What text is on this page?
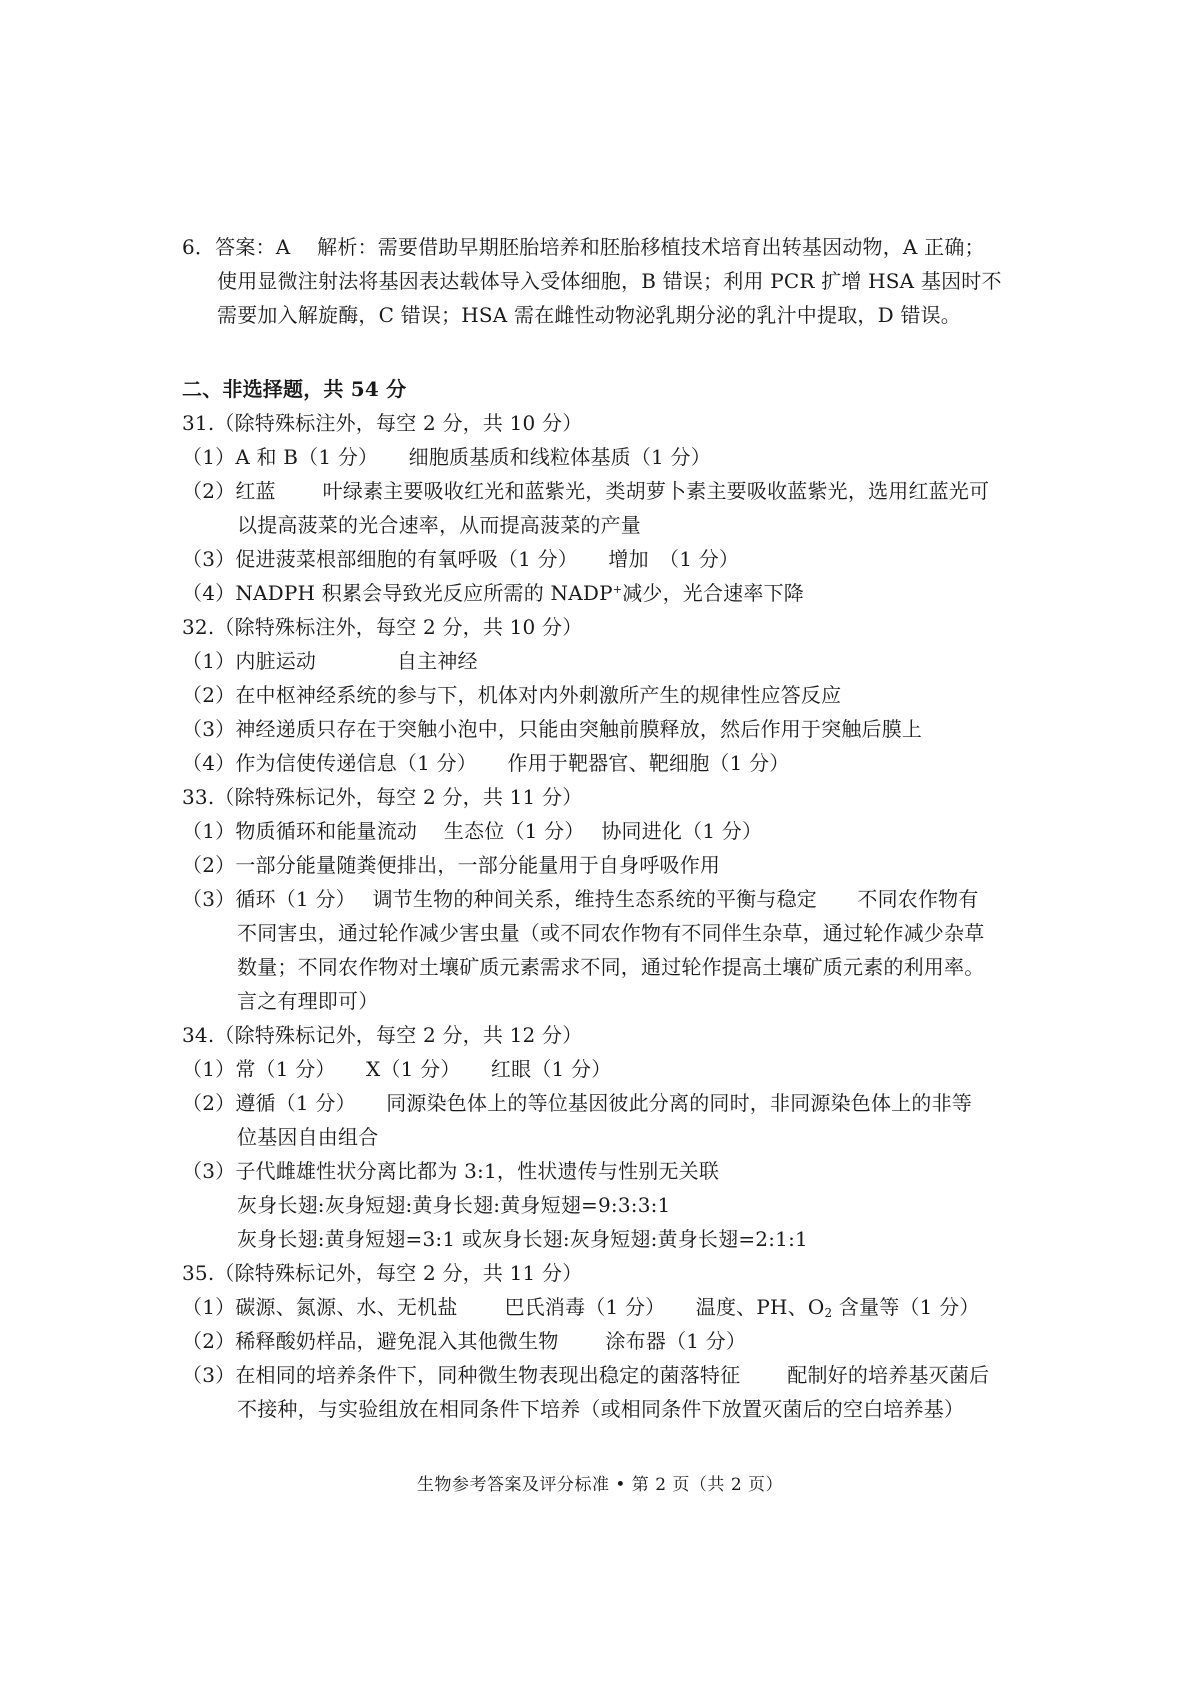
6．答案：A　 解析：需要借助早期胚胎培养和胚胎移植技术培育出转基因动物，A 正确；
使用显微注射法将基因表达载体导入受体细胞，B 错误；利用 PCR 扩增 HSA 基因时不
需要加入解旋酶，C 错误；HSA 需在雌性动物泌乳期分泌的乳汁中提取，D 错误。
二、非选择题，共 54 分
31.（除特殊标注外，每空 2 分，共 10 分）
（1）A 和 B（1 分）　　细胞质基质和线粒体基质（1 分）
（2）红蓝　　 叶绿素主要吸收红光和蓝紫光，类胡萝卜素主要吸收蓝紫光，选用红蓝光可
以提高菠菜的光合速率，从而提高菠菜的产量
（3）促进菠菜根部细胞的有氧呼吸（1 分）　　增加　（1 分）
（4）NADPH 积累会导致光反应所需的 NADP+减少，光合速率下降
32.（除特殊标注外，每空 2 分，共 10 分）
（1）内脏运动　　　　自主神经
（2）在中枢神经系统的参与下，机体对内外刺激所产生的规律性应答反应
（3）神经递质只存在于突触小泡中，只能由突触前膜释放，然后作用于突触后膜上
（4）作为信使传递信息（1 分）　　作用于靶器官、靶细胞（1 分）
33.（除特殊标记外，每空 2 分，共 11 分）
（1）物质循环和能量流动　 生态位（1 分）　 协同进化（1 分）
（2）一部分能量随粪便排出，一部分能量用于自身呼吸作用
（3）循环（1 分）　 调节生物的种间关系，维持生态系统的平衡与稳定　　不同农作物有
不同害虫，通过轮作减少害虫量（或不同农作物有不同伴生杂草，通过轮作减少杂草
数量；不同农作物对土壤矿质元素需求不同，通过轮作提高土壤矿质元素的利用率。
言之有理即可）
34.（除特殊标记外，每空 2 分，共 12 分）
（1）常（1 分）　　X（1 分）　　红眼（1 分）
（2）遵循（1 分）　　同源染色体上的等位基因彼此分离的同时，非同源染色体上的非等
位基因自由组合
（3）子代雌雄性状分离比都为 3:1，性状遗传与性别无关联
灰身长翅:灰身短翅:黄身长翅:黄身短翅=9:3:3:1
灰身长翅:黄身短翅=3:1 或灰身长翅:灰身短翅:黄身长翅=2:1:1
35.（除特殊标记外，每空 2 分，共 11 分）
（1）碳源、氮源、水、无机盐　　 巴氏消毒（1 分）　　温度、PH、$O_2$ 含量等（1 分）
（2）稀释酸奶样品，避免混入其他微生物　　 涂布器（1 分）
（3）在相同的培养条件下，同种微生物表现出稳定的菌落特征　　 配制好的培养基灭菌后
不接种，与实验组放在相同条件下培养（或相同条件下放置灭菌后的空白培养基）
生物参考答案及评分标准 • 第 2 页（共 2 页）
